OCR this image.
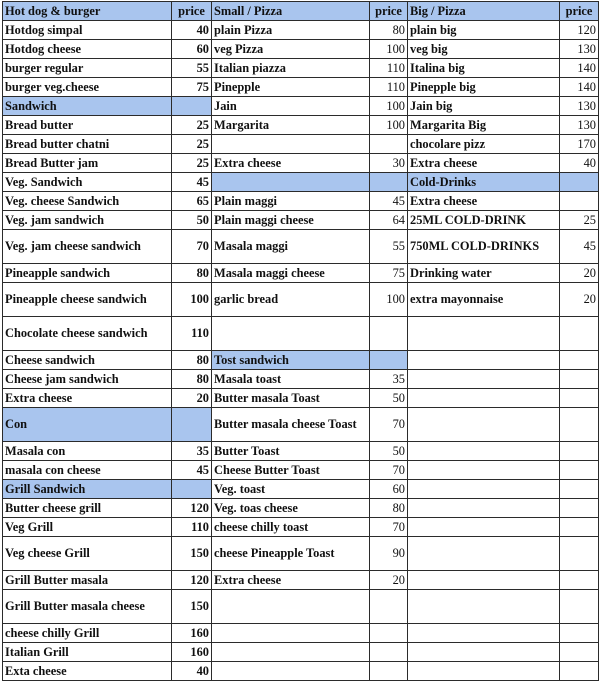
Hot dog & burger	price	Small / Pizza	price	Big / Pizza	price
Hotdog simpal	40	plain Pizza	80	plain big	120
Hotdog cheese	60	veg Pizza	100	veg big	130
burger regular	55	Italian piazza	110	Italina big	140
burger veg.cheese	75	Pinepple	110	Pinepple big	140
Sandwich		Jain	100	Jain big	130
Bread butter	25	Margarita	100	Margarita Big	130
Bread butter chatni	25			chocolare pizz	170
Bread Butter jam	25	Extra cheese	30	Extra cheese	40
Veg. Sandwich	45			Cold-Drinks	
Veg. cheese Sandwich	65	Plain maggi	45	Extra cheese	
Veg. jam sandwich	50	Plain maggi cheese	64	25ML COLD-DRINK	25
Veg. jam cheese sandwich	70	Masala maggi	55	750ML COLD-DRINKS	45
Pineapple sandwich	80	Masala maggi cheese	75	Drinking water	20
Pineapple cheese sandwich	100	garlic bread	100	extra mayonnaise	20
Chocolate cheese sandwich	110				
Cheese sandwich	80	Tost sandwich			
Cheese jam sandwich	80	Masala toast	35		
Extra cheese	20	Butter masala Toast	50		
Con		Butter masala cheese Toast	70		
Masala con	35	Butter Toast	50		
masala con cheese	45	Cheese Butter Toast	70		
Grill Sandwich		Veg. toast	60		
Butter cheese grill	120	Veg. toas cheese	80		
Veg Grill	110	cheese chilly toast	70		
Veg cheese Grill	150	cheese Pineapple Toast	90		
Grill Butter masala	120	Extra cheese	20		
Grill Butter masala cheese	150				
cheese chilly Grill	160				
Italian Grill	160				
Exta cheese	40				
